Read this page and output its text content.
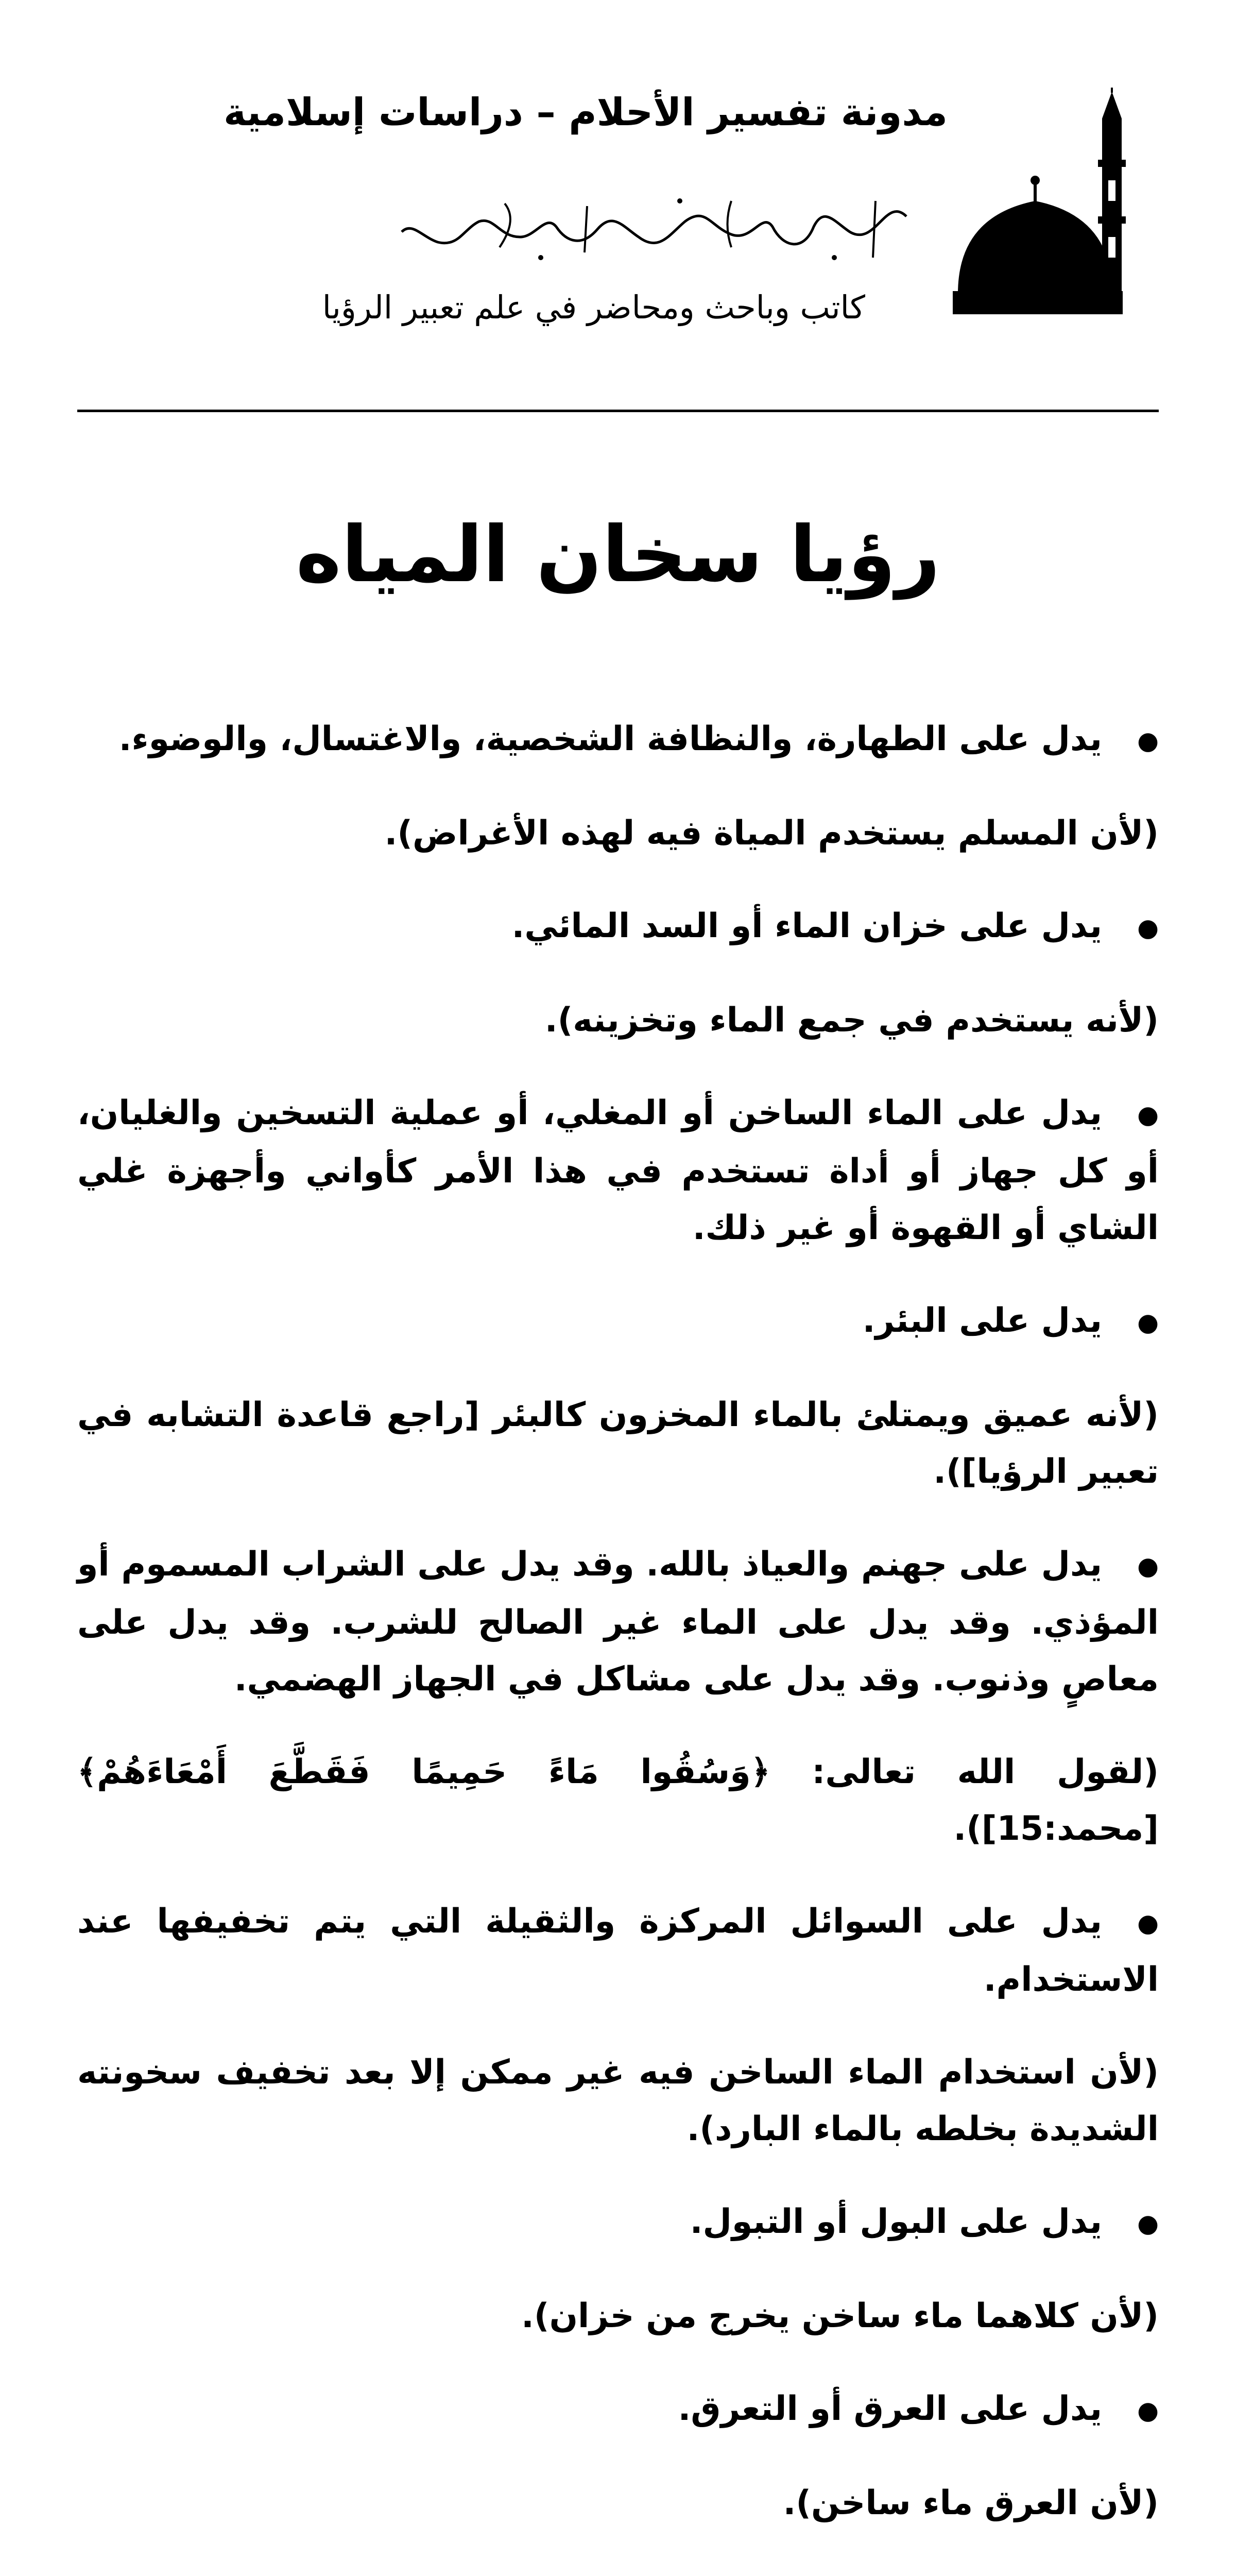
مدونة تفسير الأحلام – دراسات إسلامية
كاتب وباحث ومحاضر في علم تعبير الرؤيا
رؤيا سخان المياه

●يدل على الطهارة، والنظافة الشخصية، والاغتسال، والوضوء.

(لأن المسلم يستخدم المياة فيه لهذه الأغراض).

●يدل على خزان الماء أو السد المائي.

(لأنه يستخدم في جمع الماء وتخزينه).

●يدل على الماء الساخن أو المغلي، أو عملية التسخين والغليان، أو كل جهاز أو أداة تستخدم في هذا الأمر كأواني وأجهزة غلي الشاي أو القهوة أو غير ذلك.

●يدل على البئر.

(لأنه عميق ويمتلئ بالماء المخزون كالبئر [راجع قاعدة التشابه في تعبير الرؤيا]).

●يدل على جهنم والعياذ بالله. وقد يدل على الشراب المسموم أو المؤذي. وقد يدل على الماء غير الصالح للشرب. وقد يدل على معاصٍ وذنوب. وقد يدل على مشاكل في الجهاز الهضمي.

(لقول الله تعالى: ﴿وَسُقُوا مَاءً حَمِيمًا فَقَطَّعَ أَمْعَاءَهُمْ﴾ [محمد:15]).

●يدل على السوائل المركزة والثقيلة التي يتم تخفيفها عند الاستخدام.

(لأن استخدام الماء الساخن فيه غير ممكن إلا بعد تخفيف سخونته الشديدة بخلطه بالماء البارد).

●يدل على البول أو التبول.

(لأن كلاهما ماء ساخن يخرج من خزان).

●يدل على العرق أو التعرق.

(لأن العرق ماء ساخن).
